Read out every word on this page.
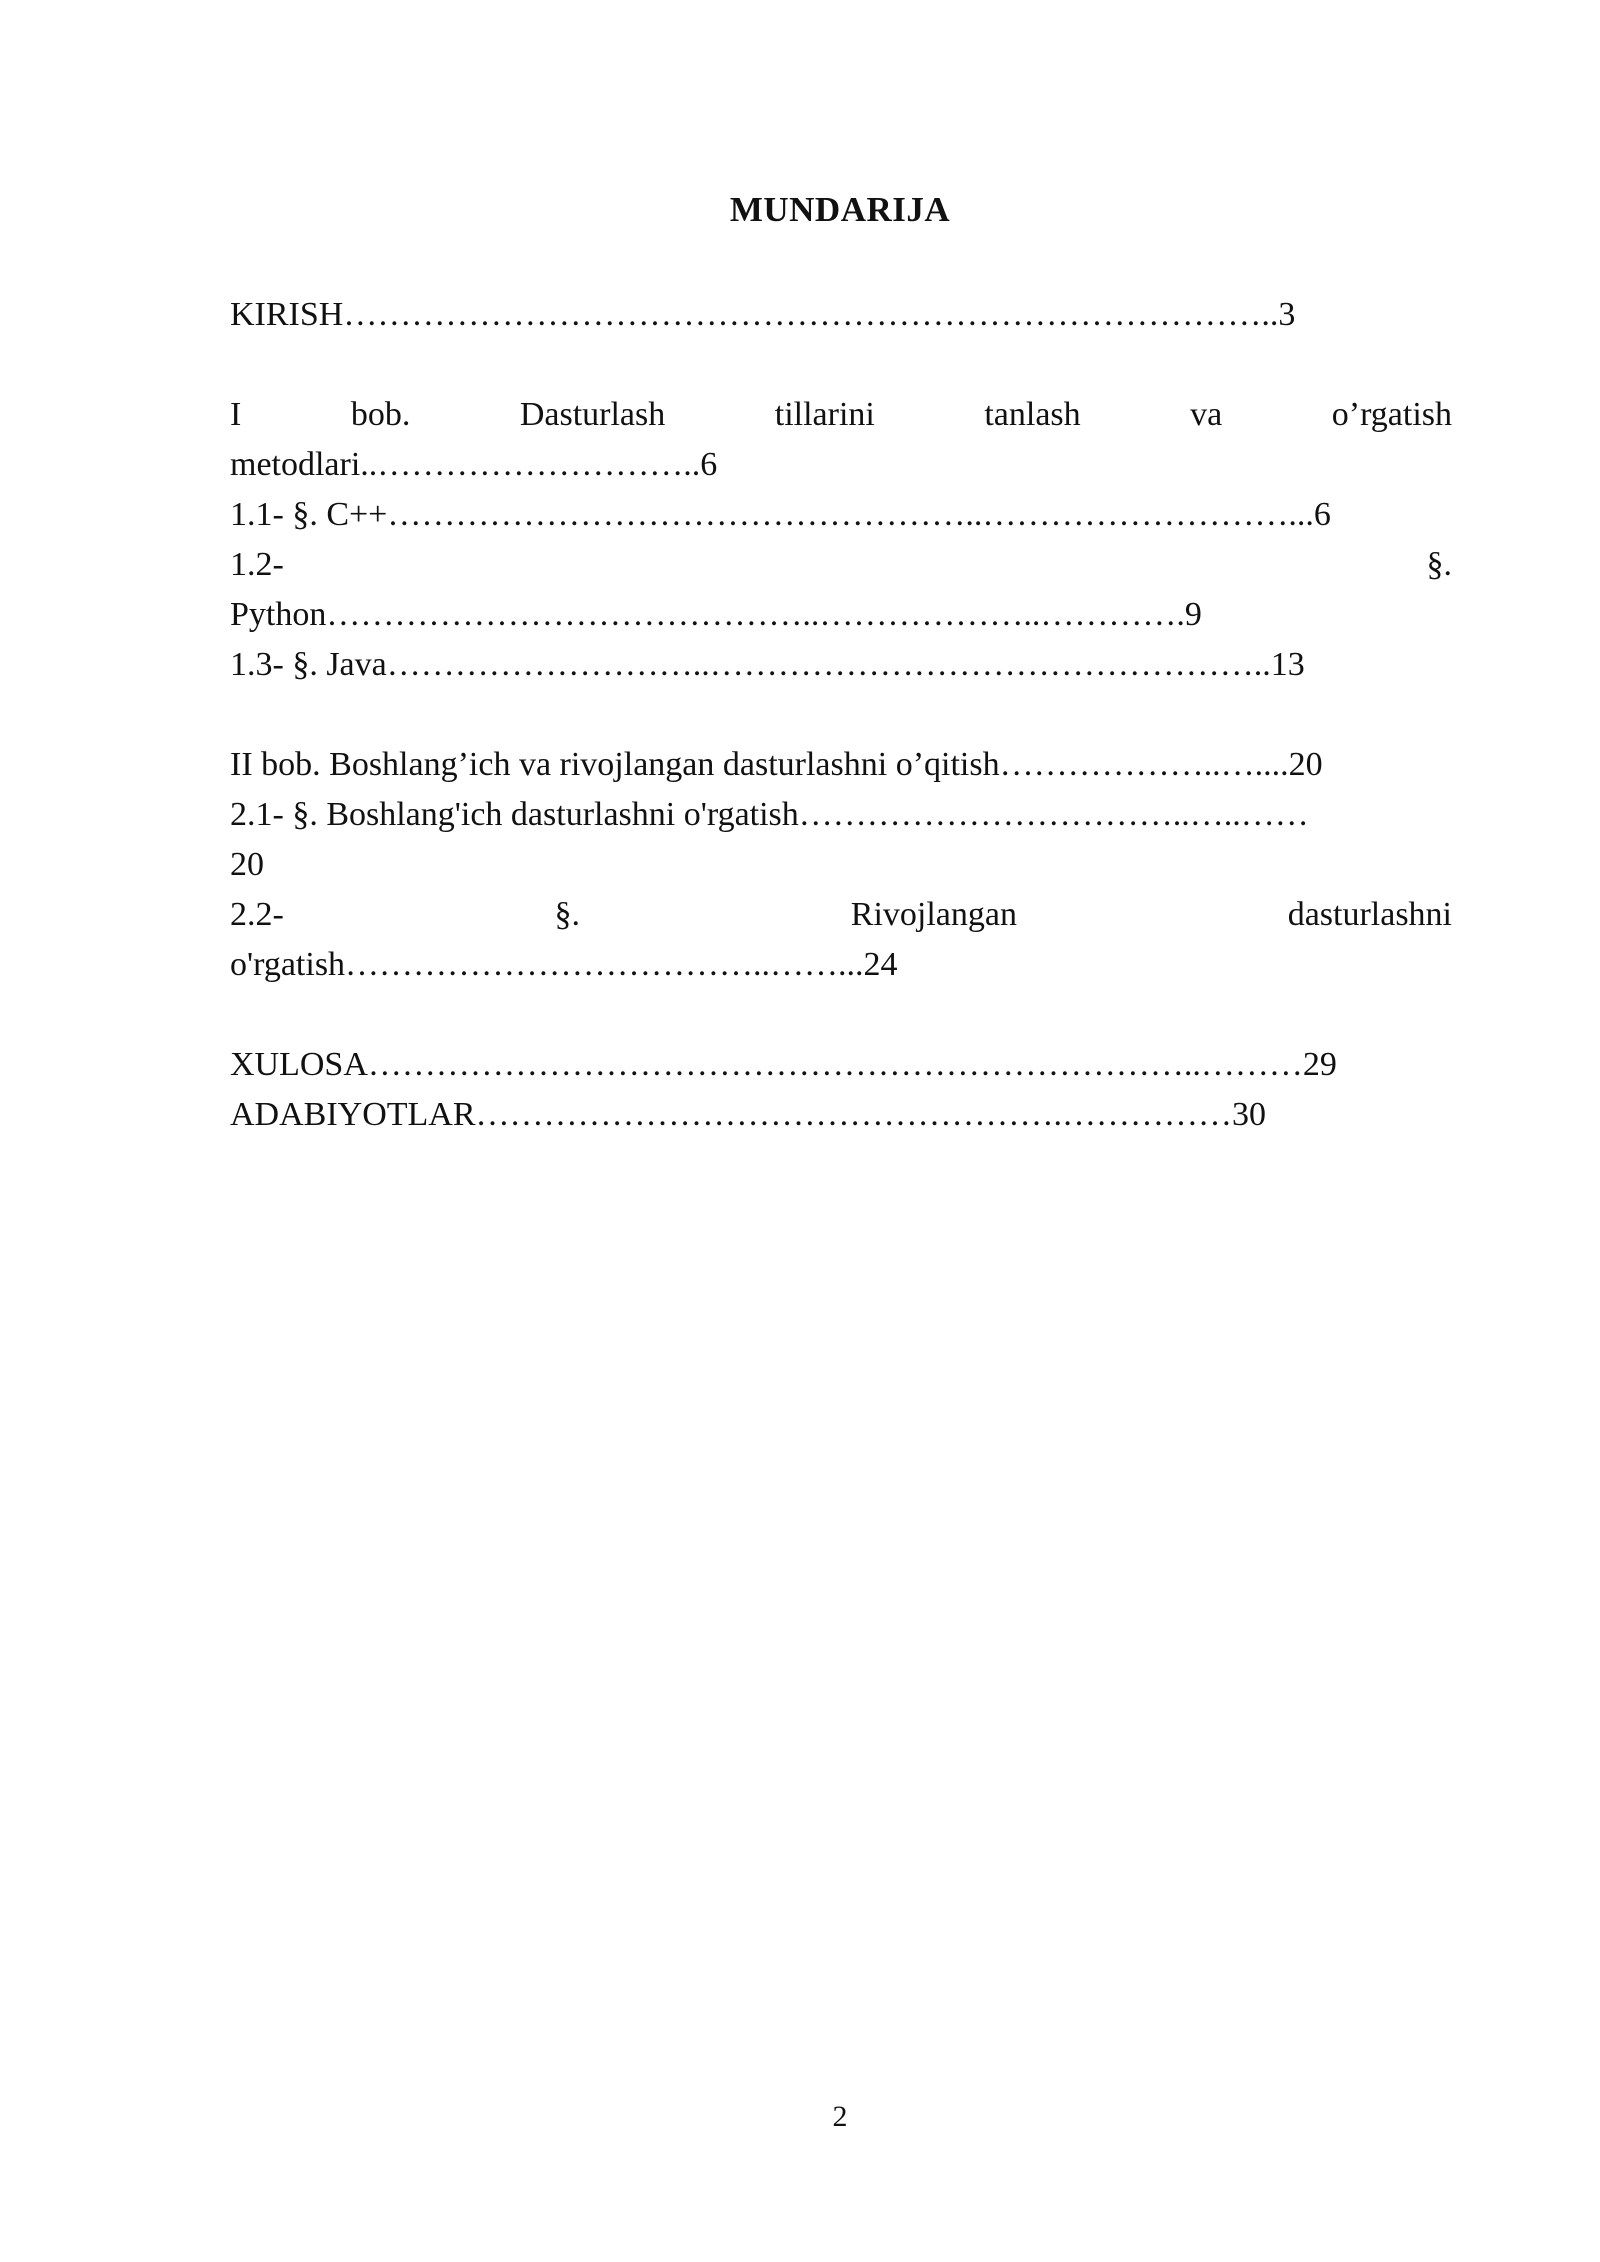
MUNDARIJA
KIRISH………………………………………………………………………..3
I	bob.	Dasturlash	tillarini	tanlash	va	o’rgatish
metodlari..………………………..6
1.1- §. C++……………………………………………..………………………...6
1.2-	§.
Python……………………………………..………………..………….9
1.3- §. Java………………………..…………………………………………..13
II bob. Boshlang’ich va rivojlangan dasturlashni o’qitish………………..…....20
2.1- §. Boshlang'ich dasturlashni o'rgatish……………………………..…..……
20
2.2-	§.	Rivojlangan	dasturlashni
o'rgatish………………………………..……...24
XULOSA………………………………………………………………..………29
ADABIYOTLAR…………………………………………….……………30
2
